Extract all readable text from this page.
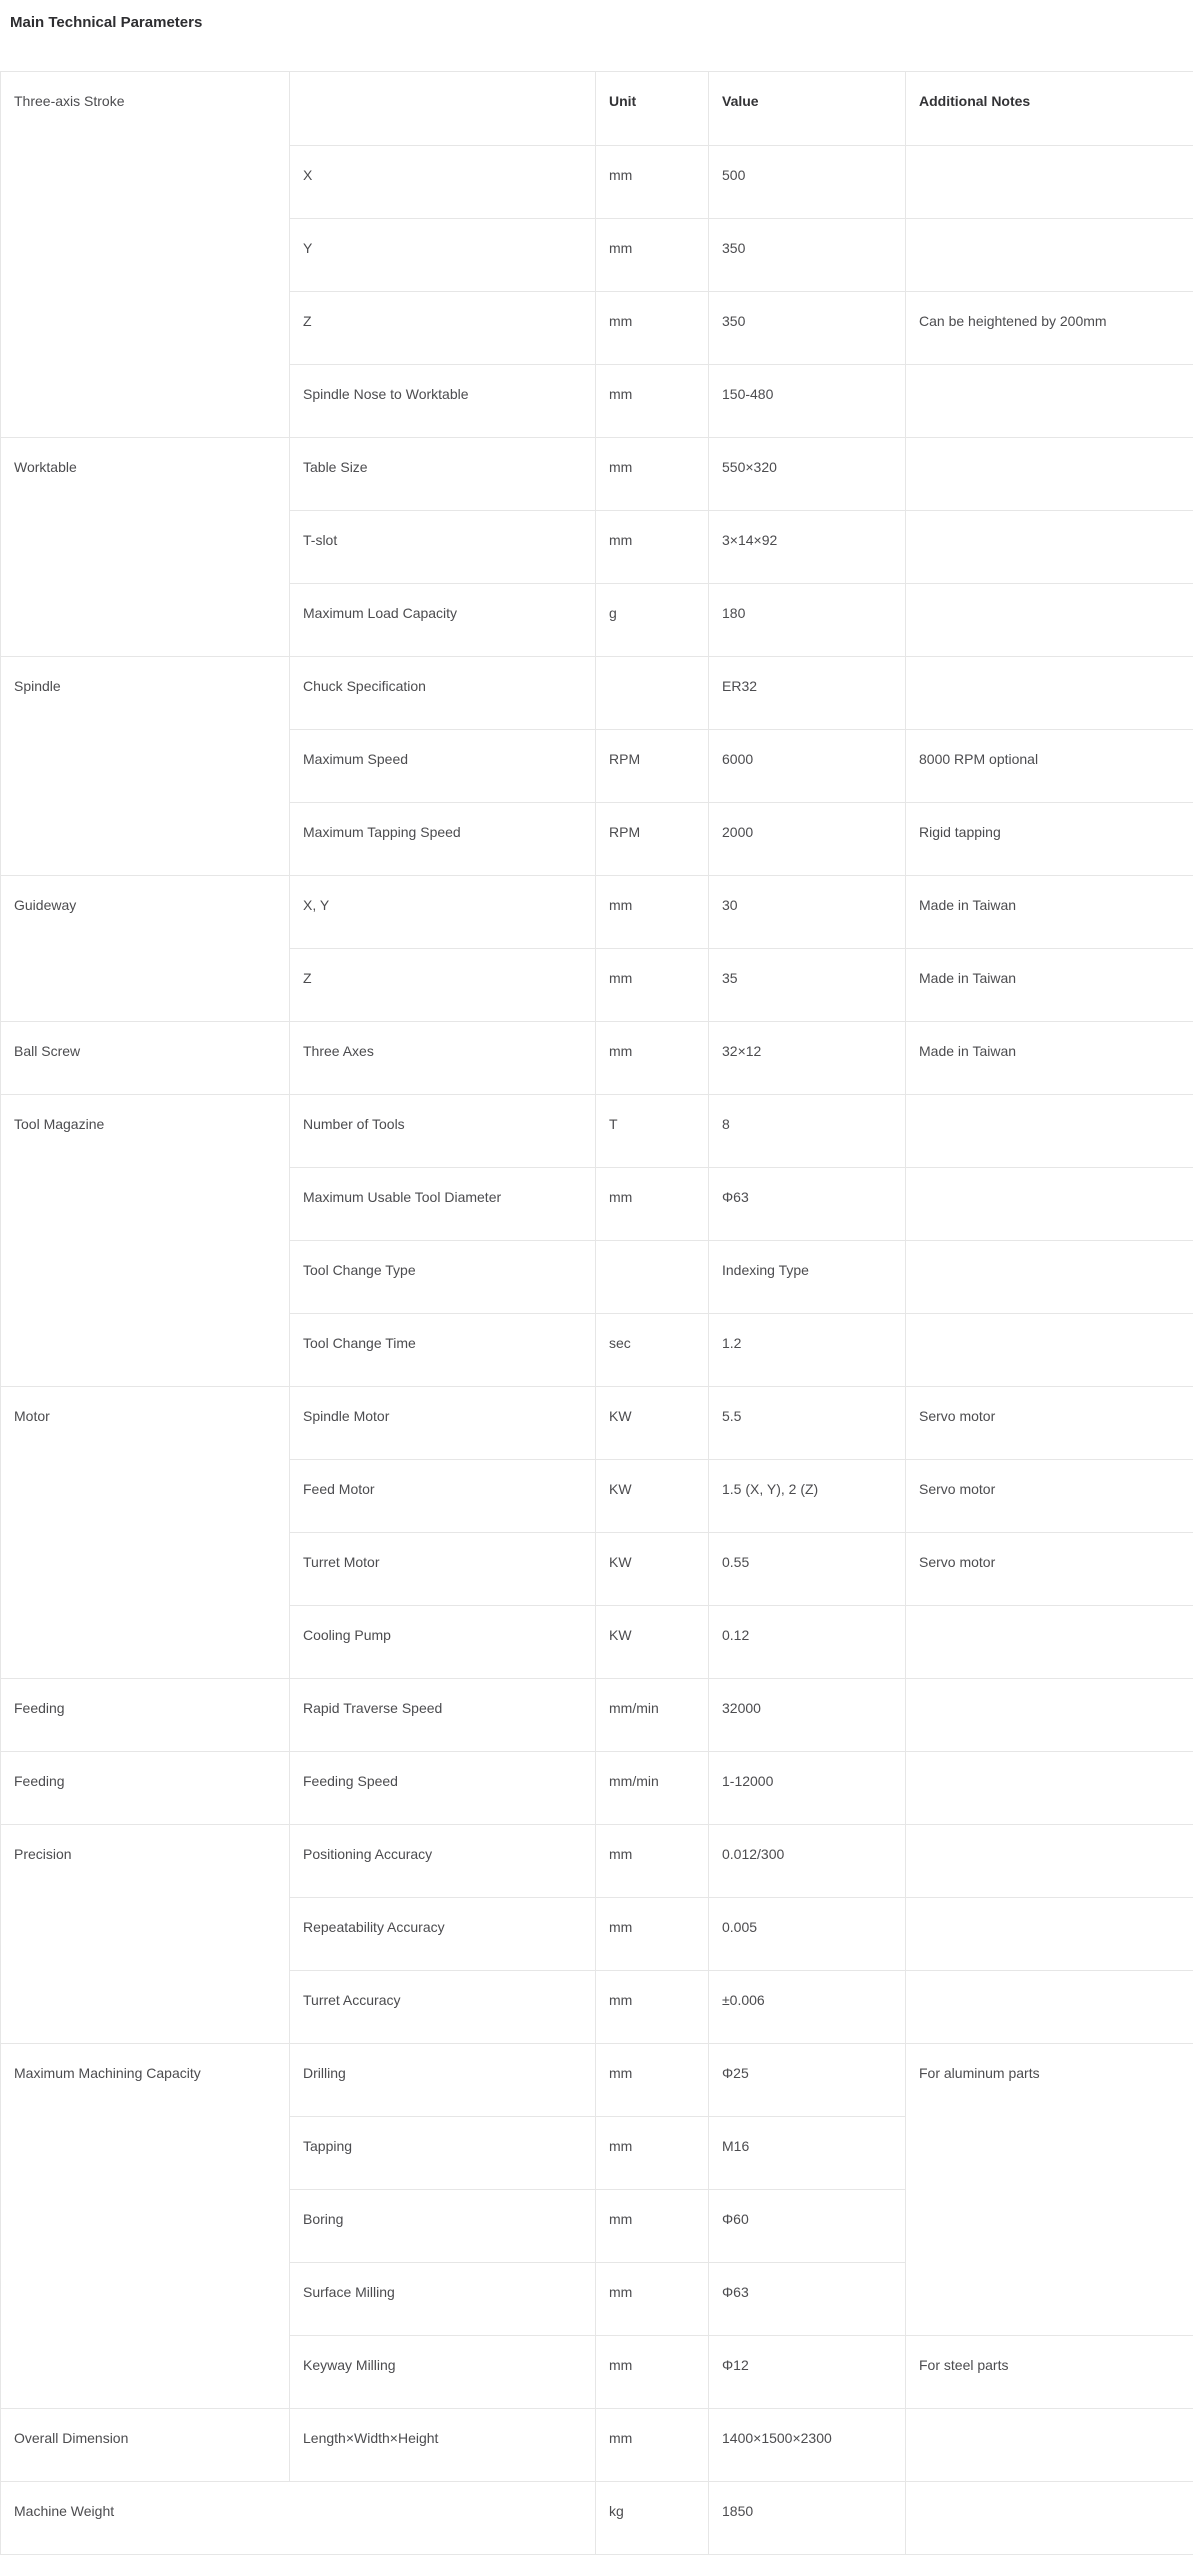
Main Technical Parameters
Three-axis Stroke		Unit	Value	Additional Notes
	X	mm	500	
	Y	mm	350	
	Z	mm	350	Can be heightened by 200mm
	Spindle Nose to Worktable	mm	150-480	
Worktable	Table Size	mm	550×320	
	T-slot	mm	3×14×92	
	Maximum Load Capacity	g	180	
Spindle	Chuck Specification		ER32	
	Maximum Speed	RPM	6000	8000 RPM optional
	Maximum Tapping Speed	RPM	2000	Rigid tapping
Guideway	X, Y	mm	30	Made in Taiwan
	Z	mm	35	Made in Taiwan
Ball Screw	Three Axes	mm	32×12	Made in Taiwan
Tool Magazine	Number of Tools	T	8	
	Maximum Usable Tool Diameter	mm	Φ63	
	Tool Change Type		Indexing Type	
	Tool Change Time	sec	1.2	
Motor	Spindle Motor	KW	5.5	Servo motor
	Feed Motor	KW	1.5 (X, Y), 2 (Z)	Servo motor
	Turret Motor	KW	0.55	Servo motor
	Cooling Pump	KW	0.12	
Feeding	Rapid Traverse Speed	mm/min	32000	
Feeding	Feeding Speed	mm/min	1-12000	
Precision	Positioning Accuracy	mm	0.012/300	
	Repeatability Accuracy	mm	0.005	
	Turret Accuracy	mm	±0.006	
Maximum Machining Capacity	Drilling	mm	Φ25	For aluminum parts
	Tapping	mm	M16	
	Boring	mm	Φ60	
	Surface Milling	mm	Φ63	
	Keyway Milling	mm	Φ12	For steel parts
Overall Dimension	Length×Width×Height	mm	1400×1500×2300	
Machine Weight		kg	1850	
